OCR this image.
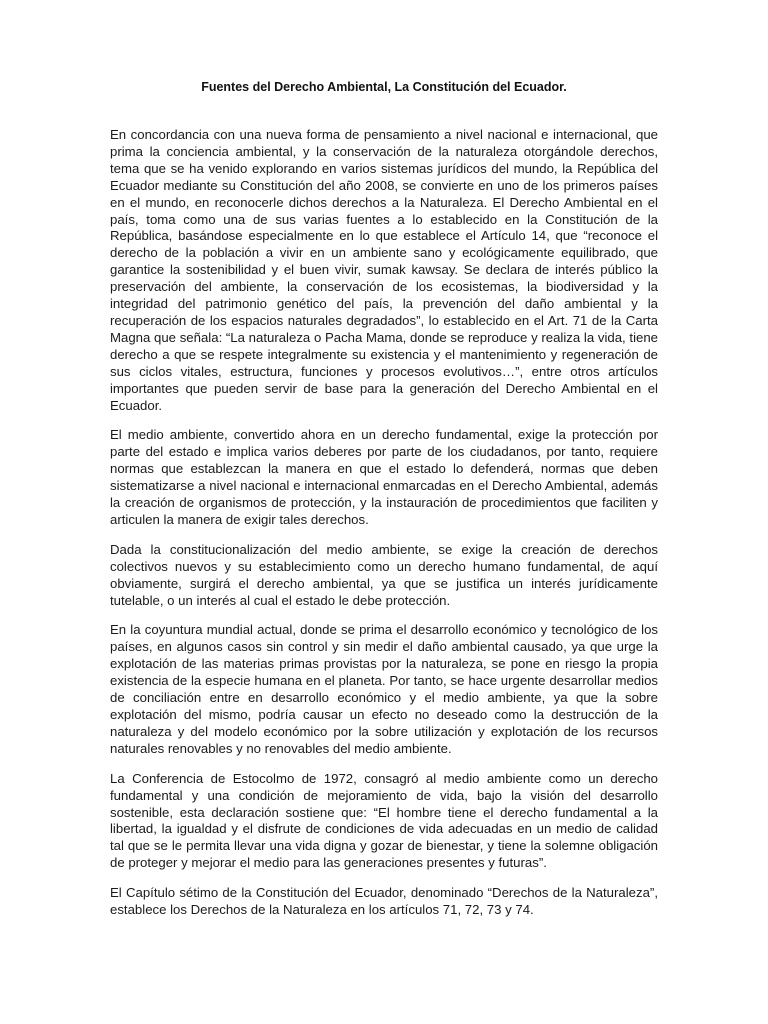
Fuentes del Derecho Ambiental, La Constitución del Ecuador.

En concordancia con una nueva forma de pensamiento a nivel nacional e internacional, que prima la conciencia ambiental, y la conservación de la naturaleza otorgándole derechos, tema que se ha venido explorando en varios sistemas jurídicos del mundo, la República del Ecuador mediante su Constitución del año 2008, se convierte en uno de los primeros países en el mundo, en reconocerle dichos derechos a la Naturaleza. El Derecho Ambiental en el país, toma como una de sus varias fuentes a lo establecido en la Constitución de la República, basándose especialmente en lo que establece el Artículo 14, que “reconoce el derecho de la población a vivir en un ambiente sano y ecológicamente equilibrado, que garantice la sostenibilidad y el buen vivir, sumak kawsay. Se declara de interés público la preservación del ambiente, la conservación de los ecosistemas, la biodiversidad y la integridad del patrimonio genético del país, la prevención del daño ambiental y la recuperación de los espacios naturales degradados”, lo establecido en el Art. 71 de la Carta Magna que señala: “La naturaleza o Pacha Mama, donde se reproduce y realiza la vida, tiene derecho a que se respete integralmente su existencia y el mantenimiento y regeneración de sus ciclos vitales, estructura, funciones y procesos evolutivos…”, entre otros artículos importantes que pueden servir de base para la generación del Derecho Ambiental en el Ecuador.

El medio ambiente, convertido ahora en un derecho fundamental, exige la protección por parte del estado e implica varios deberes por parte de los ciudadanos, por tanto, requiere normas que establezcan la manera en que el estado lo defenderá, normas que deben sistematizarse a nivel nacional e internacional enmarcadas en el Derecho Ambiental, además la creación de organismos de protección, y la instauración de procedimientos que faciliten y articulen la manera de exigir tales derechos.

Dada la constitucionalización del medio ambiente, se exige la creación de derechos colectivos nuevos y su establecimiento como un derecho humano fundamental, de aquí obviamente, surgirá el derecho ambiental, ya que se justifica un interés jurídicamente tutelable, o un interés al cual el estado le debe protección.

En la coyuntura mundial actual, donde se prima el desarrollo económico y tecnológico de los países, en algunos casos sin control y sin medir el daño ambiental causado, ya que urge la explotación de las materias primas provistas por la naturaleza, se pone en riesgo la propia existencia de la especie humana en el planeta. Por tanto, se hace urgente desarrollar medios de conciliación entre en desarrollo económico y el medio ambiente, ya que la sobre explotación del mismo, podría causar un efecto no deseado como la destrucción de la naturaleza y del modelo económico por la sobre utilización y explotación de los recursos naturales renovables y no renovables del medio ambiente.

La Conferencia de Estocolmo de 1972, consagró al medio ambiente como un derecho fundamental y una condición de mejoramiento de vida, bajo la visión del desarrollo sostenible, esta declaración sostiene que: “El hombre tiene el derecho fundamental a la libertad, la igualdad y el disfrute de condiciones de vida adecuadas en un medio de calidad tal que se le permita llevar una vida digna y gozar de bienestar, y tiene la solemne obligación de proteger y mejorar el medio para las generaciones presentes y futuras”.

El Capítulo sétimo de la Constitución del Ecuador, denominado “Derechos de la Naturaleza”, establece los Derechos de la Naturaleza en los artículos 71, 72, 73 y 74.
